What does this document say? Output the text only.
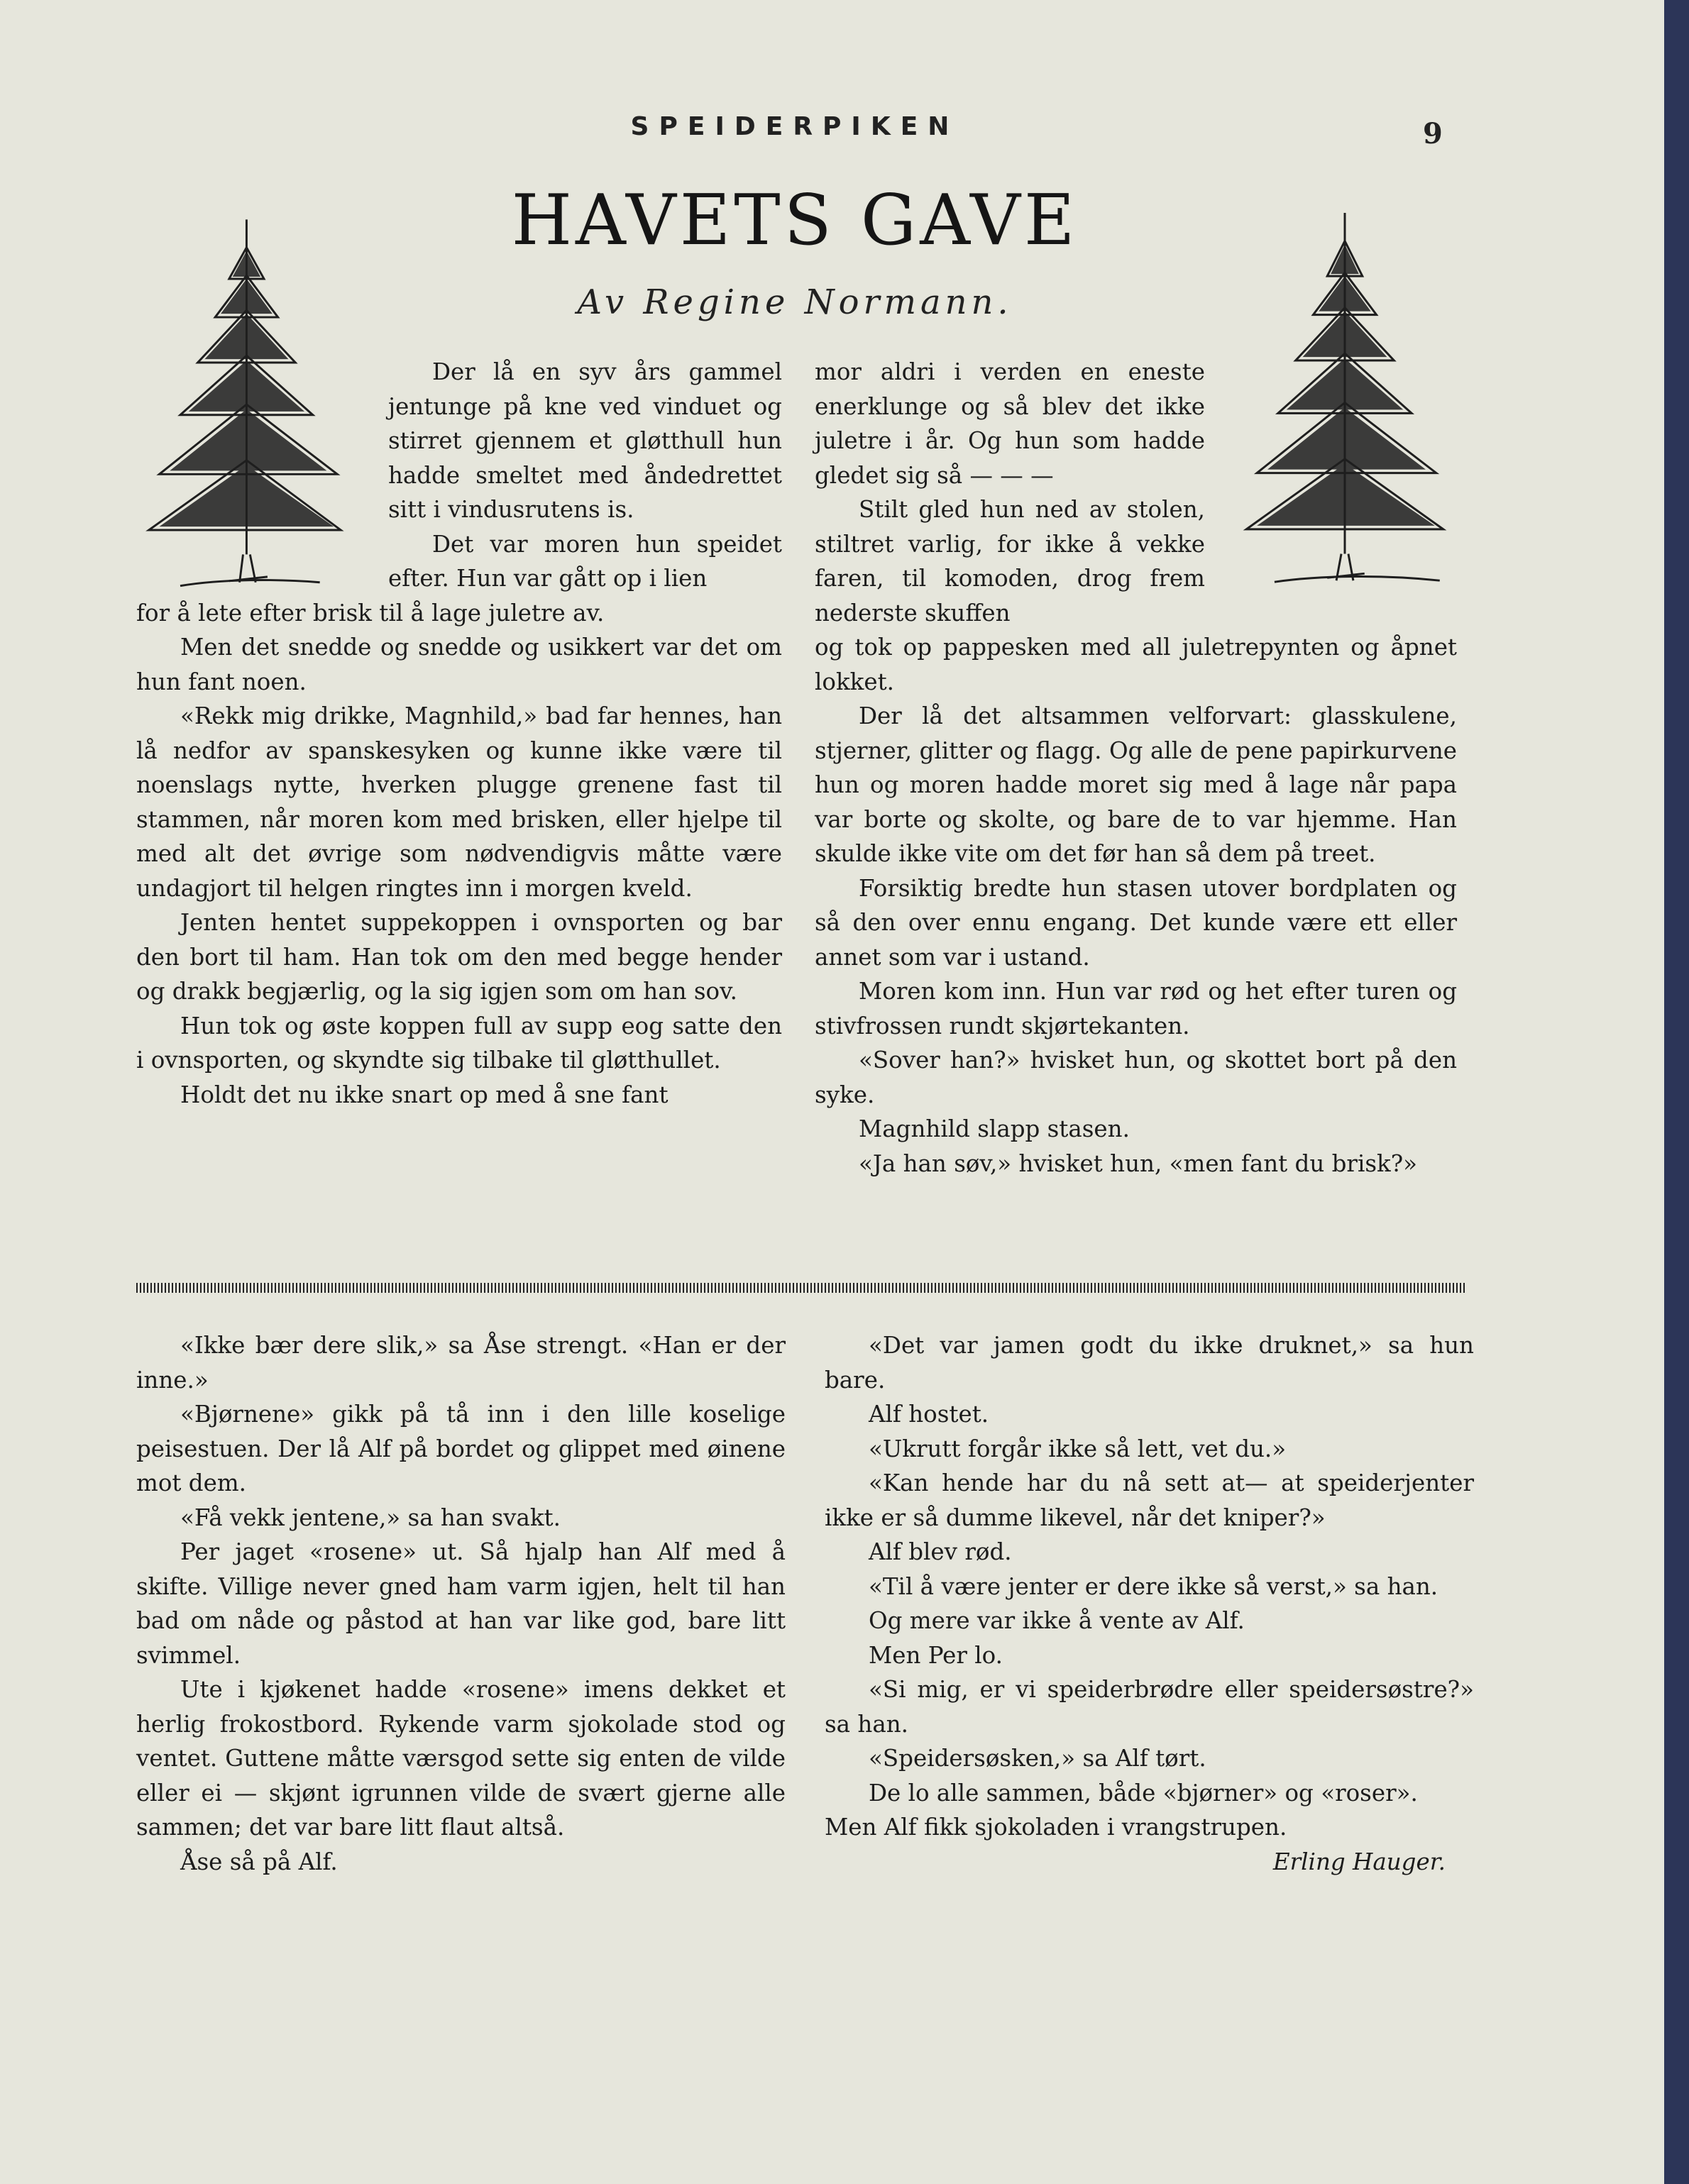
SPEIDERPIKEN	9
HAVETS GAVE
Av Regine Normann.

Der lå en syv års gammel jentunge på kne ved vinduet og stirret gjennem et gløtthull hun hadde smeltet med åndedrettet sitt i vindusrutens is.

Det var moren hun speidet efter. Hun var gått op i lien

for å lete efter brisk til å lage juletre av.

Men det snedde og snedde og usikkert var det om hun fant noen.

«Rekk mig drikke, Magnhild,» bad far hennes, han lå nedfor av spanskesyken og kunne ikke være til noenslags nytte, hverken plugge grenene fast til stammen, når moren kom med brisken, eller hjelpe til med alt det øvrige som nødvendigvis måtte være undagjort til helgen ringtes inn i morgen kveld.

Jenten hentet suppekoppen i ovnsporten og bar den bort til ham. Han tok om den med begge hender og drakk begjærlig, og la sig igjen som om han sov.

Hun tok og øste koppen full av supp eog satte den i ovnsporten, og skyndte sig tilbake til gløtthullet.

Holdt det nu ikke snart op med å sne fant

mor aldri i verden en eneste enerklunge og så blev det ikke juletre i år. Og hun som hadde gledet sig så — — —

Stilt gled hun ned av stolen, stiltret varlig, for ikke å vekke faren, til komoden, drog frem nederste skuffen

og tok op pappesken med all juletrepynten og åpnet lokket.

Der lå det altsammen velforvart: glasskulene, stjerner, glitter og flagg. Og alle de pene papirkurvene hun og moren hadde moret sig med å lage når papa var borte og skolte, og bare de to var hjemme. Han skulde ikke vite om det før han så dem på treet.

Forsiktig bredte hun stasen utover bordplaten og så den over ennu engang. Det kunde være ett eller annet som var i ustand.

Moren kom inn. Hun var rød og het efter turen og stivfrossen rundt skjørtekanten.

«Sover han?» hvisket hun, og skottet bort på den syke.

Magnhild slapp stasen.

«Ja han søv,» hvisket hun, «men fant du brisk?»

«Ikke bær dere slik,» sa Åse strengt. «Han er der inne.»

«Bjørnene» gikk på tå inn i den lille koselige peisestuen. Der lå Alf på bordet og glippet med øinene mot dem.

«Få vekk jentene,» sa han svakt.

Per jaget «rosene» ut. Så hjalp han Alf med å skifte. Villige never gned ham varm igjen, helt til han bad om nåde og påstod at han var like god, bare litt svimmel.

Ute i kjøkenet hadde «rosene» imens dekket et herlig frokostbord. Rykende varm sjokolade stod og ventet. Guttene måtte værsgod sette sig enten de vilde eller ei — skjønt igrunnen vilde de svært gjerne alle sammen; det var bare litt flaut altså.

Åse så på Alf.

«Det var jamen godt du ikke druknet,» sa hun bare.

Alf hostet.

«Ukrutt forgår ikke så lett, vet du.»

«Kan hende har du nå sett at— at speiderjenter ikke er så dumme likevel, når det kniper?»

Alf blev rød.

«Til å være jenter er dere ikke så verst,» sa han.

Og mere var ikke å vente av Alf.

Men Per lo.

«Si mig, er vi speiderbrødre eller speidersøstre?» sa han.

«Speidersøsken,» sa Alf tørt.

De lo alle sammen, både «bjørner» og «roser».

Men Alf fikk sjokoladen i vrangstrupen.

Erling Hauger.
